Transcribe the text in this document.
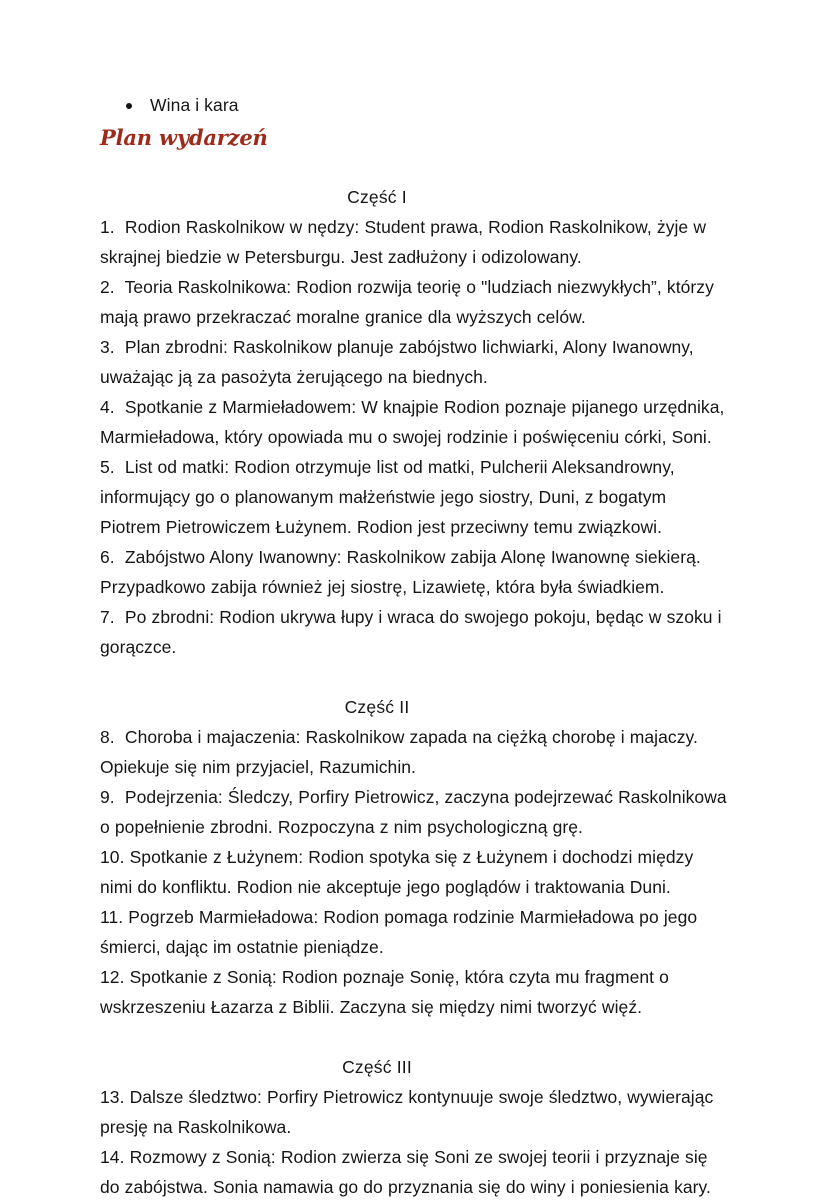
Wina i kara
Plan wydarzeń
Część I
1.  Rodion Raskolnikow w nędzy: Student prawa, Rodion Raskolnikow, żyje w skrajnej biedzie w Petersburgu. Jest zadłużony i odizolowany.
2.  Teoria Raskolnikowa: Rodion rozwija teorię o "ludziach niezwykłych”, którzy mają prawo przekraczać moralne granice dla wyższych celów.
3.  Plan zbrodni: Raskolnikow planuje zabójstwo lichwiarki, Alony Iwanowny, uważając ją za pasożyta żerującego na biednych.
4.  Spotkanie z Marmieładowem: W knajpie Rodion poznaje pijanego urzędnika, Marmieładowa, który opowiada mu o swojej rodzinie i poświęceniu córki, Soni.
5.  List od matki: Rodion otrzymuje list od matki, Pulcherii Aleksandrowny, informujący go o planowanym małżeństwie jego siostry, Duni, z bogatym Piotrem Pietrowiczem Łużynem. Rodion jest przeciwny temu związkowi.
6.  Zabójstwo Alony Iwanowny: Raskolnikow zabija Alonę Iwanownę siekierą. Przypadkowo zabija również jej siostrę, Lizawietę, która była świadkiem.
7.  Po zbrodni: Rodion ukrywa łupy i wraca do swojego pokoju, będąc w szoku i gorączce.
Część II
8.  Choroba i majaczenia: Raskolnikow zapada na ciężką chorobę i majaczy. Opiekuje się nim przyjaciel, Razumichin.
9.  Podejrzenia: Śledczy, Porfiry Pietrowicz, zaczyna podejrzewać Raskolnikowa o popełnienie zbrodni. Rozpoczyna z nim psychologiczną grę.
10. Spotkanie z Łużynem: Rodion spotyka się z Łużynem i dochodzi między nimi do konfliktu. Rodion nie akceptuje jego poglądów i traktowania Duni.
11. Pogrzeb Marmieładowa: Rodion pomaga rodzinie Marmieładowa po jego śmierci, dając im ostatnie pieniądze.
12. Spotkanie z Sonią: Rodion poznaje Sonię, która czyta mu fragment o wskrzeszeniu Łazarza z Biblii. Zaczyna się między nimi tworzyć więź.
Część III
13. Dalsze śledztwo: Porfiry Pietrowicz kontynuuje swoje śledztwo, wywierając presję na Raskolnikowa.
14. Rozmowy z Sonią: Rodion zwierza się Soni ze swojej teorii i przyznaje się do zabójstwa. Sonia namawia go do przyznania się do winy i poniesienia kary.
